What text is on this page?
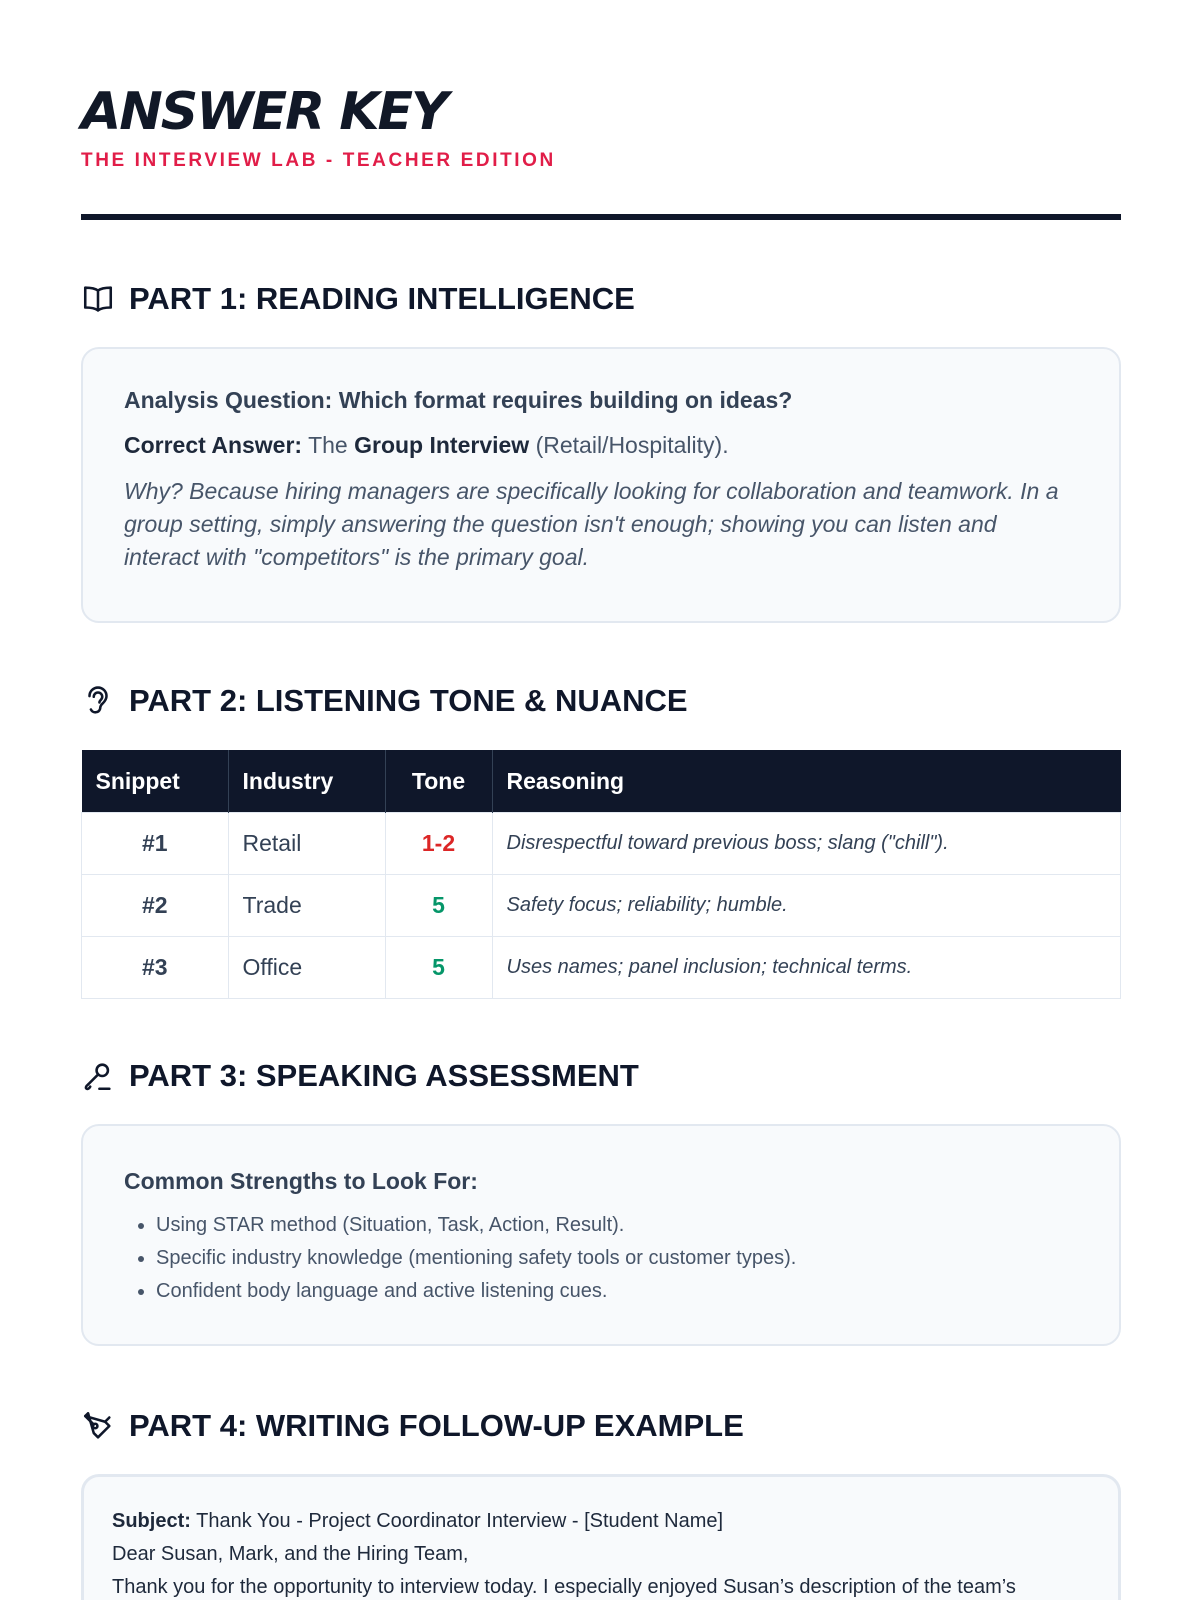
ANSWER KEY
THE INTERVIEW LAB - TEACHER EDITION
PART 1: READING INTELLIGENCE

Analysis Question: Which format requires building on ideas?

Correct Answer: The Group Interview (Retail/Hospitality).

Why? Because hiring managers are specifically looking for collaboration and teamwork. In a group setting, simply answering the question isn't enough; showing you can listen and interact with "competitors" is the primary goal.

PART 2: LISTENING TONE & NUANCE
Snippet	Industry	Tone	Reasoning
#1	Retail	1-2	Disrespectful toward previous boss; slang ("chill").
#2	Trade	5	Safety focus; reliability; humble.
#3	Office	5	Uses names; panel inclusion; technical terms.
PART 3: SPEAKING ASSESSMENT
Common Strengths to Look For:
• Using STAR method (Situation, Task, Action, Result).
• Specific industry knowledge (mentioning safety tools or customer types).
• Confident body language and active listening cues.
PART 4: WRITING FOLLOW-UP EXAMPLE

Subject: Thank You - Project Coordinator Interview - [Student Name]

Dear Susan, Mark, and the Hiring Team,

Thank you for the opportunity to interview today. I especially enjoyed Susan’s description of the team’s
